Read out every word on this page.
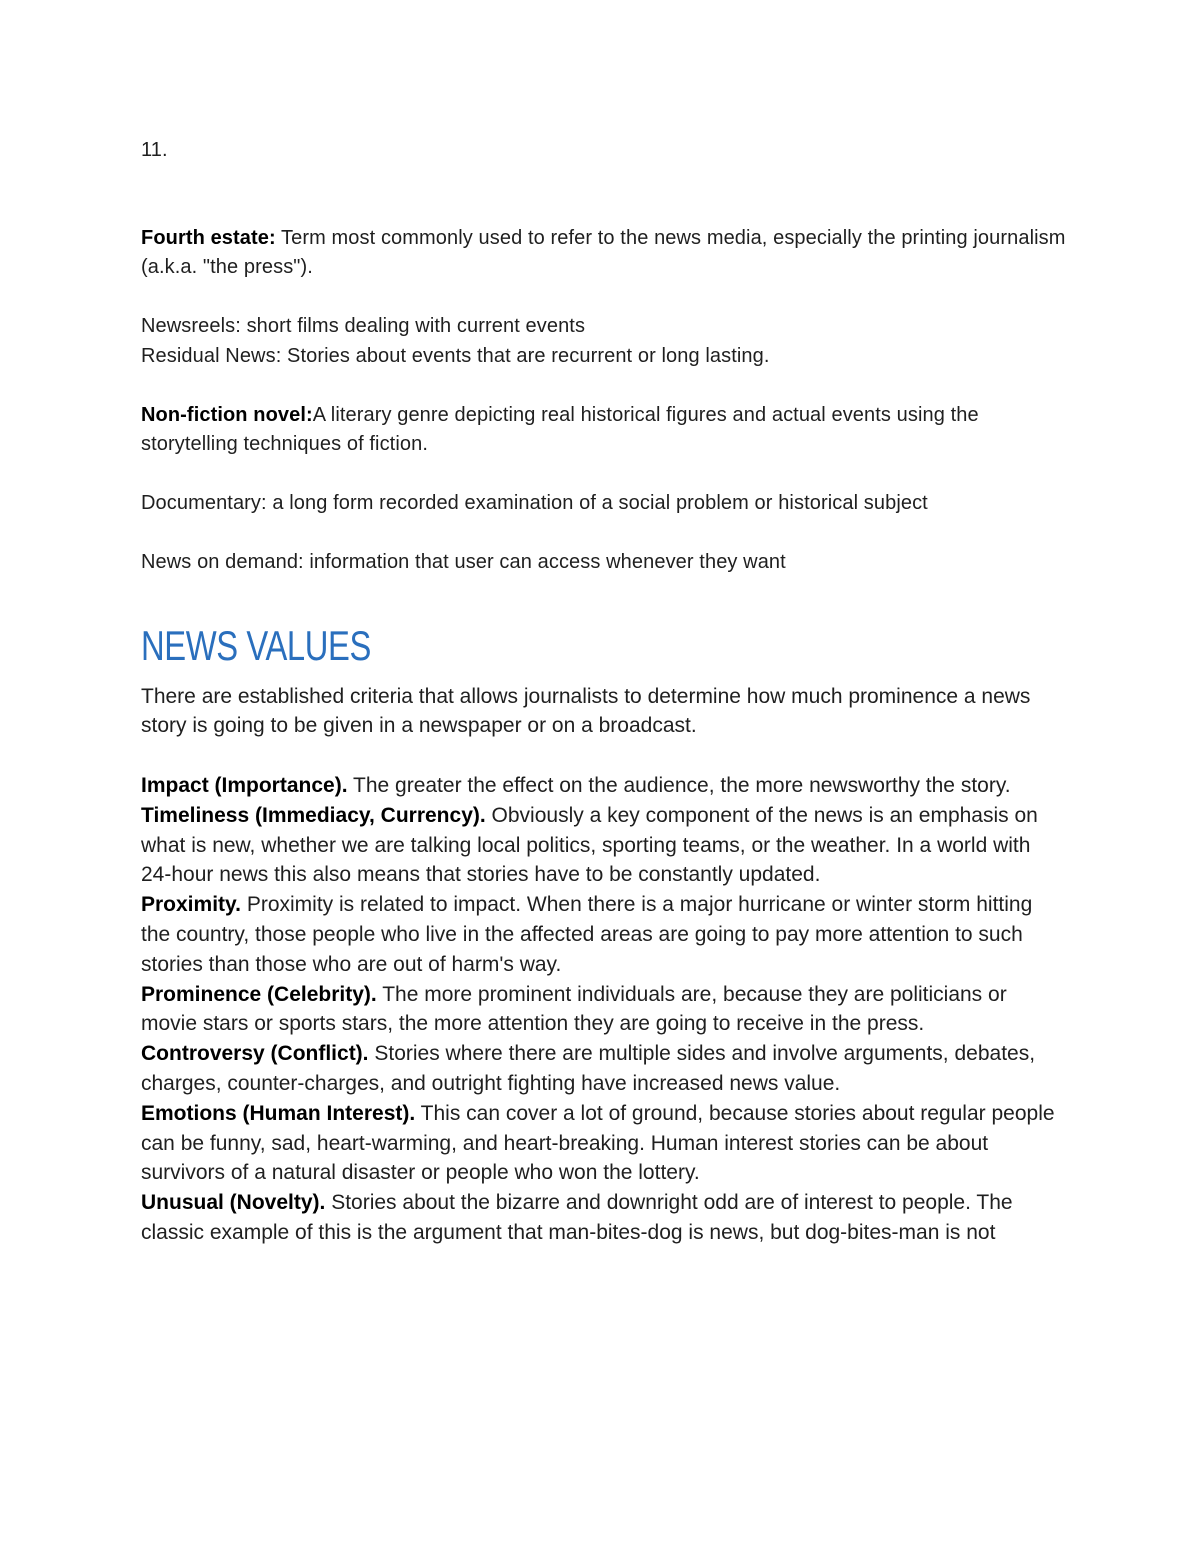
11.

Fourth estate: Term most commonly used to refer to the news media, especially the printing journalism (a.k.a. "the press").

Newsreels: short films dealing with current events

Residual News: Stories about events that are recurrent or long lasting.

Non-fiction novel:A literary genre depicting real historical figures and actual events using the storytelling techniques of fiction.

Documentary: a long form recorded examination of a social problem or historical subject

News on demand: information that user can access whenever they want

NEWS VALUES

There are established criteria that allows journalists to determine how much prominence a news story is going to be given in a newspaper or on a broadcast.

Impact (Importance). The greater the effect on the audience, the more newsworthy the story.

Timeliness (Immediacy, Currency). Obviously a key component of the news is an emphasis on what is new, whether we are talking local politics, sporting teams, or the weather. In a world with 24-hour news this also means that stories have to be constantly updated.

Proximity. Proximity is related to impact. When there is a major hurricane or winter storm hitting the country, those people who live in the affected areas are going to pay more attention to such stories than those who are out of harm's way.

Prominence (Celebrity). The more prominent individuals are, because they are politicians or movie stars or sports stars, the more attention they are going to receive in the press.

Controversy (Conflict). Stories where there are multiple sides and involve arguments, debates, charges, counter-charges, and outright fighting have increased news value.

Emotions (Human Interest). This can cover a lot of ground, because stories about regular people can be funny, sad, heart-warming, and heart-breaking. Human interest stories can be about survivors of a natural disaster or people who won the lottery.

Unusual (Novelty). Stories about the bizarre and downright odd are of interest to people. The classic example of this is the argument that man-bites-dog is news, but dog-bites-man is not
